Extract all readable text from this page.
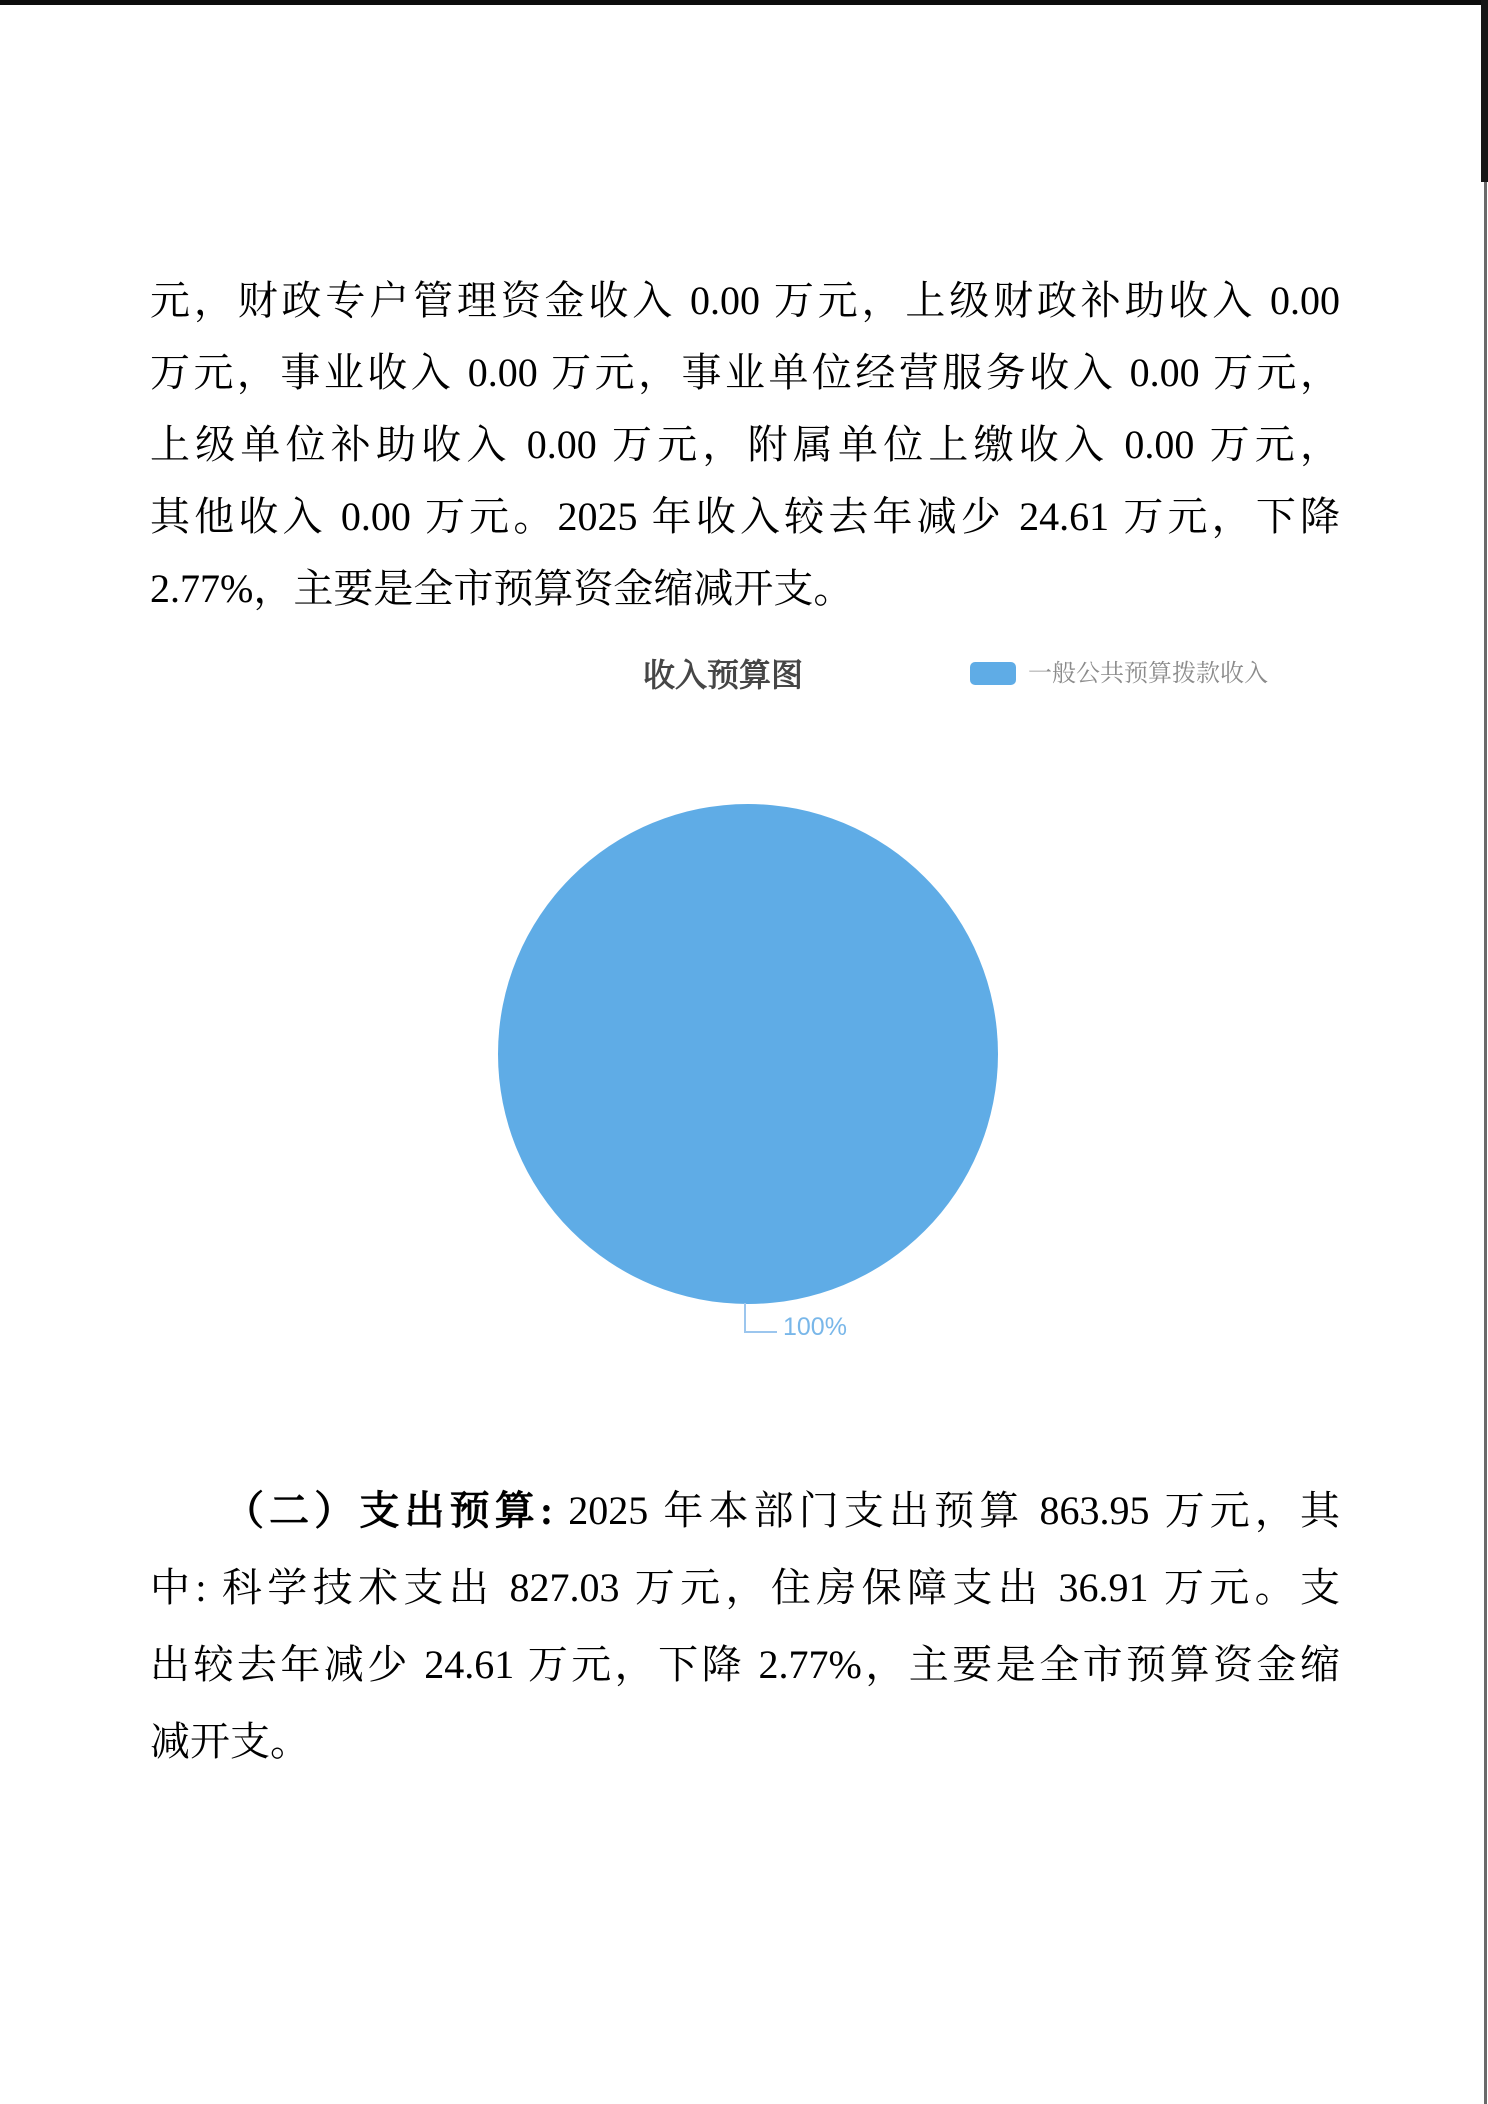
元，财政专户管理资金收入 0.00 万元，上级财政补助收入 0.00
万元，事业收入 0.00 万元，事业单位经营服务收入 0.00 万元，
上级单位补助收入 0.00 万元，附属单位上缴收入 0.00 万元，
其他收入 0.00 万元。2025 年收入较去年减少 24.61 万元，下降
2.77%，主要是全市预算资金缩减开支。
收入预算图	一般公共预算拨款收入
100%
（二）支出预算: 2025 年本部门支出预算 863.95 万元，其
中: 科学技术支出 827.03 万元，住房保障支出 36.91 万元。支
出较去年减少 24.61 万元，下降 2.77%，主要是全市预算资金缩
减开支。
